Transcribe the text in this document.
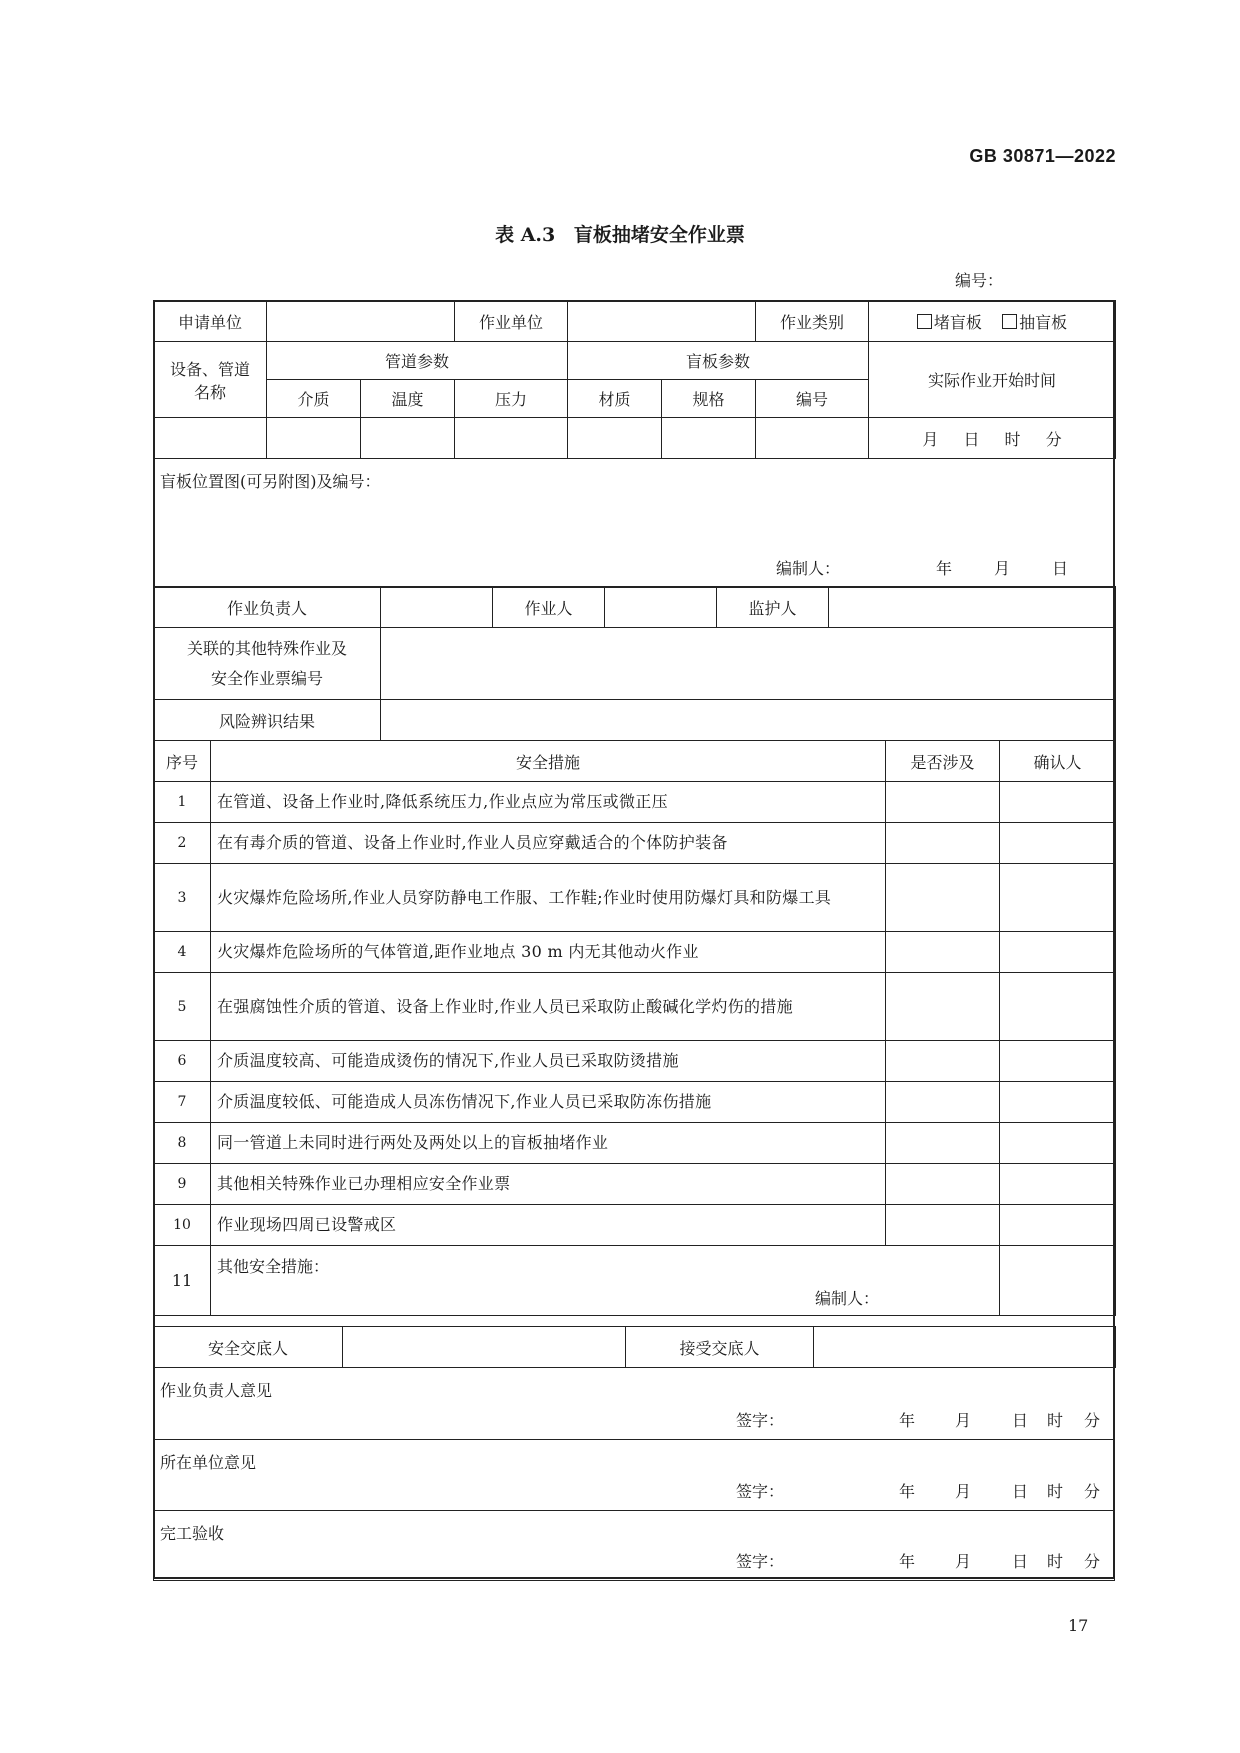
GB 30871—2022
表 A.3 盲板抽堵安全作业票
编号：
申请单位			作业单位			作业类别	堵盲板 抽盲板

设备、管道
名称	管道参数			盲板参数			实际作业开始时间
	介质	温度	压力	材质	规格	编号	
							月 日 时 分
盲板位置图(可另附图)及编号：
编制人：	年	月	日
作业负责人		作业人		监护人	

关联的其他特殊作业及
安全作业票编号					

风险辨识结果					
序号	安全措施	是否涉及	确认人
1	在管道、设备上作业时,降低系统压力,作业点应为常压或微正压		
2	在有毒介质的管道、设备上作业时,作业人员应穿戴适合的个体防护装备		
3	火灾爆炸危险场所,作业人员穿防静电工作服、工作鞋;作业时使用防爆灯具和防爆工具		
4	火灾爆炸危险场所的气体管道,距作业地点 30 m 内无其他动火作业		
5	在强腐蚀性介质的管道、设备上作业时,作业人员已采取防止酸碱化学灼伤的措施		
6	介质温度较高、可能造成烫伤的情况下,作业人员已采取防烫措施		
7	介质温度较低、可能造成人员冻伤情况下,作业人员已采取防冻伤措施		
8	同一管道上未同时进行两处及两处以上的盲板抽堵作业		
9	其他相关特殊作业已办理相应安全作业票		
10	作业现场四周已设警戒区		
11	其他安全措施：
编制人：		

安全交底人		接受交底人	
作业负责人意见
签字：	年 月	日 时 分

所在单位意见
签字：	年 月	日 时 分

完工验收
签字：	年 月	日 时 分
17
